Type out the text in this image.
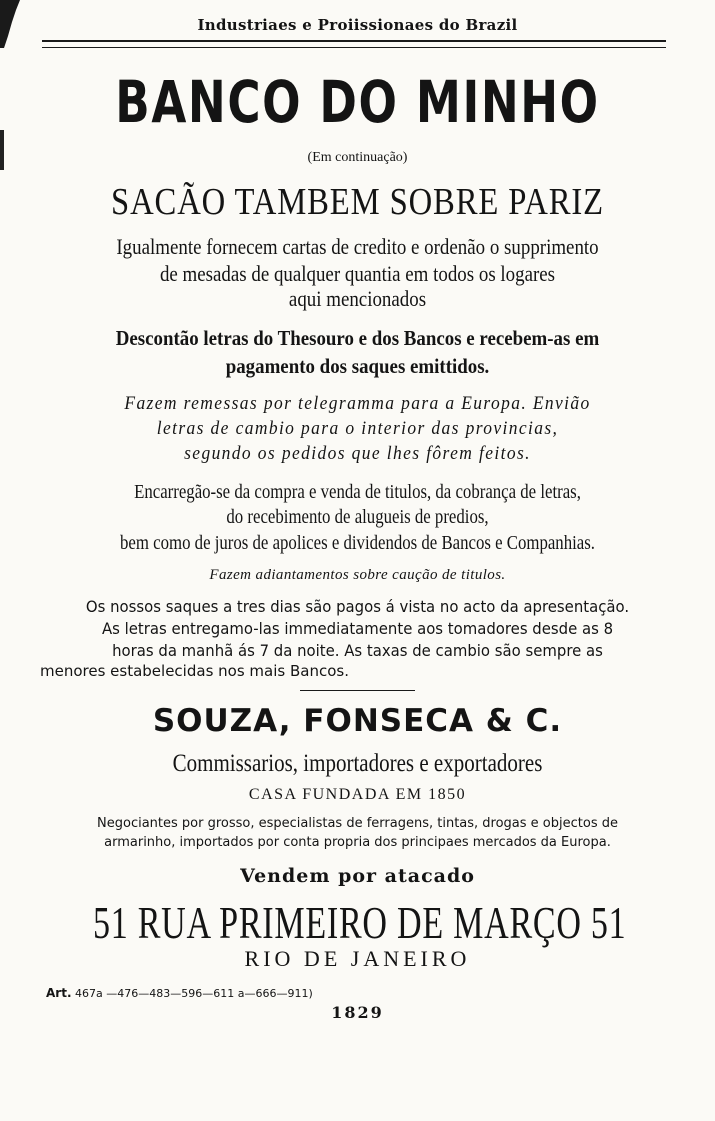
Industriaes e Proiissionaes do Brazil
BANCO DO MINHO
(Em continuação)
SACÃO TAMBEM SOBRE PARIZ
Igualmente fornecem cartas de credito e ordenão o supprimento
de mesadas de qualquer quantia em todos os logares
aqui mencionados
Descontão letras do Thesouro e dos Bancos e recebem-as em
pagamento dos saques emittidos.
Fazem remessas por telegramma para a Europa. Envião
letras de cambio para o interior das provincias,
segundo os pedidos que lhes fôrem feitos.
Encarregão-se da compra e venda de titulos, da cobrança de letras,
do recebimento de alugueis de predios,
bem como de juros de apolices e dividendos de Bancos e Companhias.
Fazem adiantamentos sobre caução de titulos.
Os nossos saques a tres dias são pagos á vista no acto da apresentação.
As letras entregamo-las immediatamente aos tomadores desde as 8
horas da manhã ás 7 da noite. As taxas de cambio são sempre as
menores estabelecidas nos mais Bancos.
SOUZA, FONSECA & C.
Commissarios, importadores e exportadores
CASA FUNDADA EM 1850
Negociantes por grosso, especialistas de ferragens, tintas, drogas e objectos de
armarinho, importados por conta propria dos principaes mercados da Europa.
Vendem por atacado
51 RUA PRIMEIRO DE MARÇO 51
RIO DE JANEIRO
Art. 467a —476—483—596—611 a—666—911)
1829
